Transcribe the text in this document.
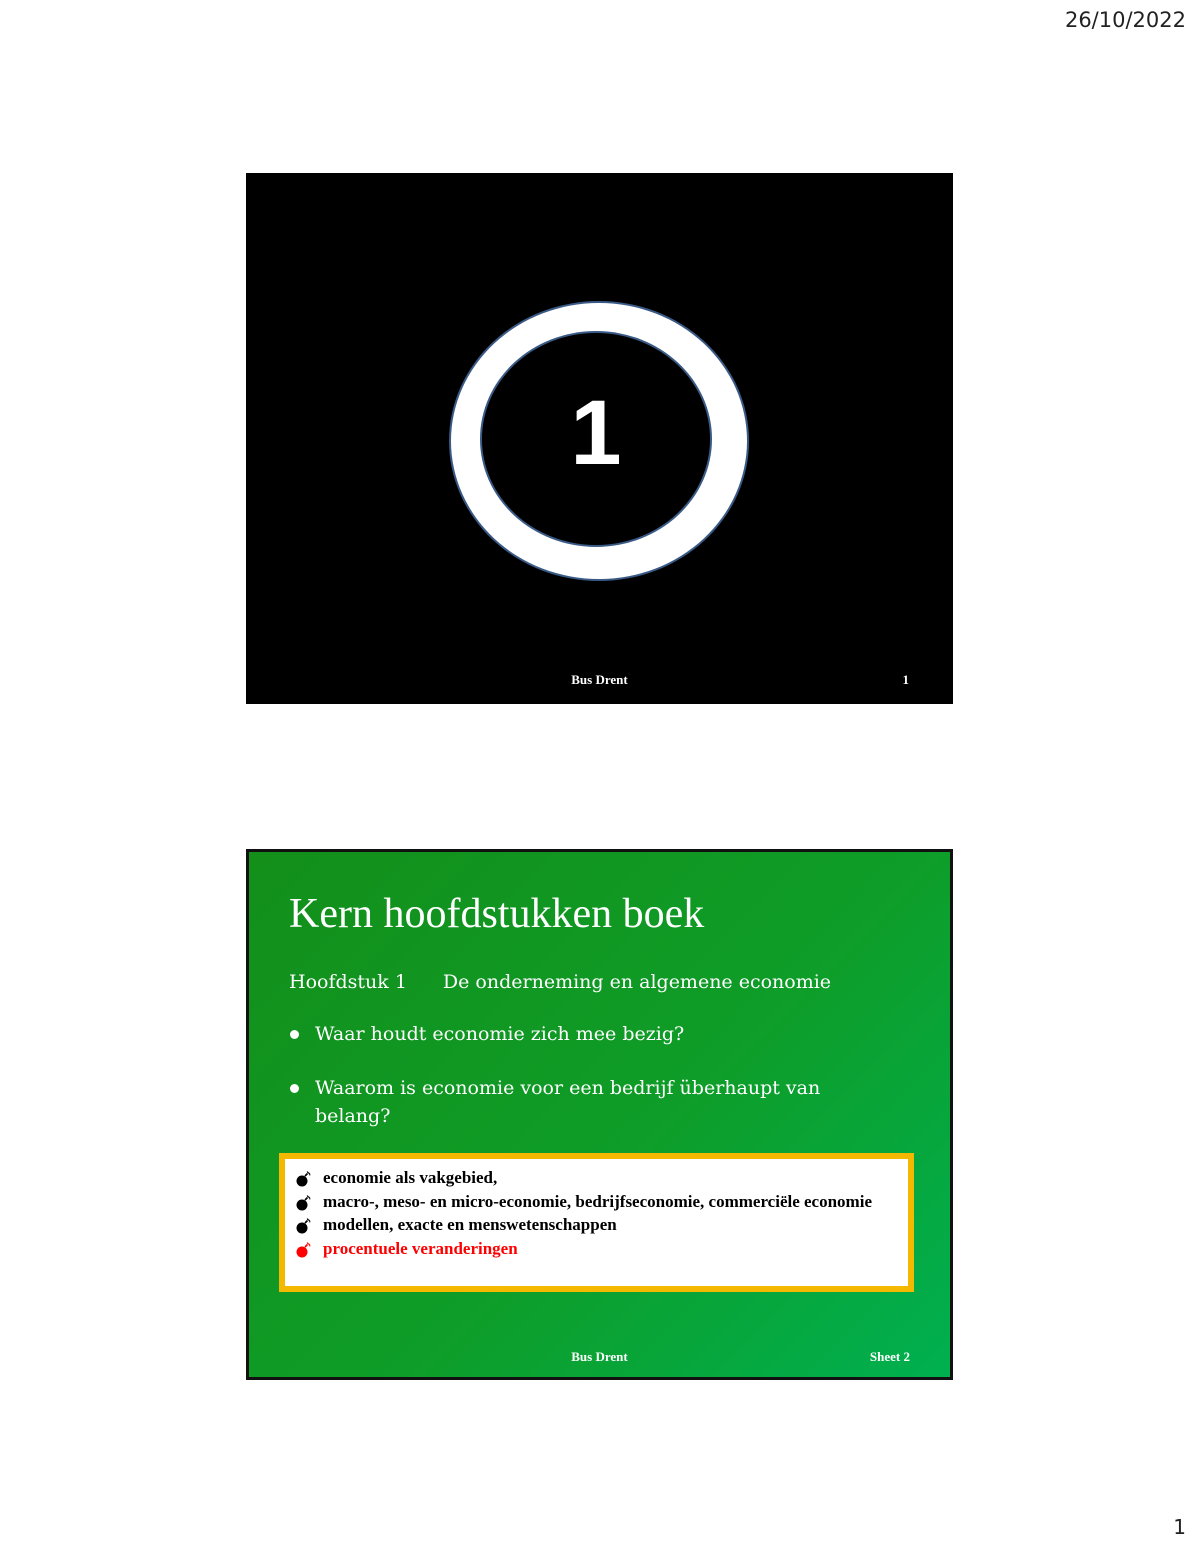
26/10/2022
1
Bus Drent	1
Kern hoofdstukken boek
Hoofdstuk 1 De onderneming en algemene economie
Waar houdt economie zich mee bezig?
Waarom is economie voor een bedrijf überhaupt van belang?
economie als vakgebied,
macro-, meso- en micro-economie, bedrijfseconomie, commerciële economie
modellen, exacte en menswetenschappen
procentuele veranderingen
Bus Drent	Sheet 2
1
